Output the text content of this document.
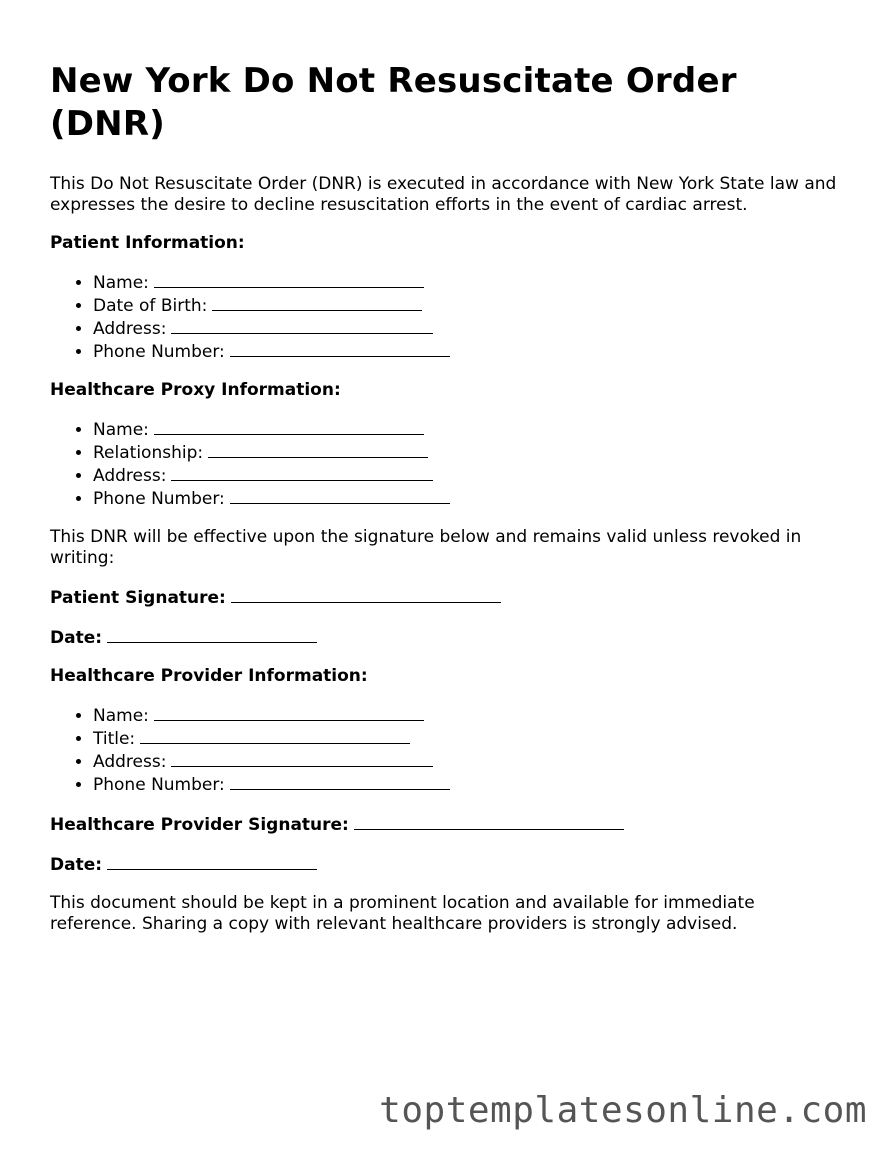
New York Do Not Resuscitate Order (DNR)

This Do Not Resuscitate Order (DNR) is executed in accordance with New York State law and expresses the desire to decline resuscitation efforts in the event of cardiac arrest.

Patient Information:
• Name:
• Date of Birth:
• Address:
• Phone Number:
Healthcare Proxy Information:
• Name:
• Relationship:
• Address:
• Phone Number:

This DNR will be effective upon the signature below and remains valid unless revoked in writing:

Patient Signature:
Date:
Healthcare Provider Information:
• Name:
• Title:
• Address:
• Phone Number:
Healthcare Provider Signature:
Date:

This document should be kept in a prominent location and available for immediate reference. Sharing a copy with relevant healthcare providers is strongly advised.

toptemplatesonline.com
